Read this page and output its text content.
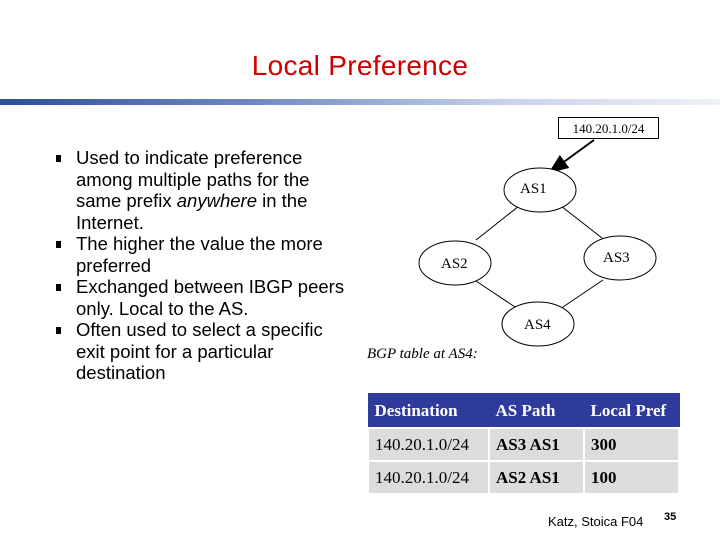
Local Preference
Used to indicate preference among multiple paths for the same prefix anywhere in the Internet.
The higher the value the more preferred
Exchanged between IBGP peers only. Local to the AS.
Often used to select a specific exit point for a particular destination
140.20.1.0/24
AS1
AS2	AS3
AS4
BGP table at AS4:
Destination	AS Path	Local Pref
140.20.1.0/24	AS3 AS1	300
140.20.1.0/24	AS2 AS1	100
Katz, Stoica F04 35
